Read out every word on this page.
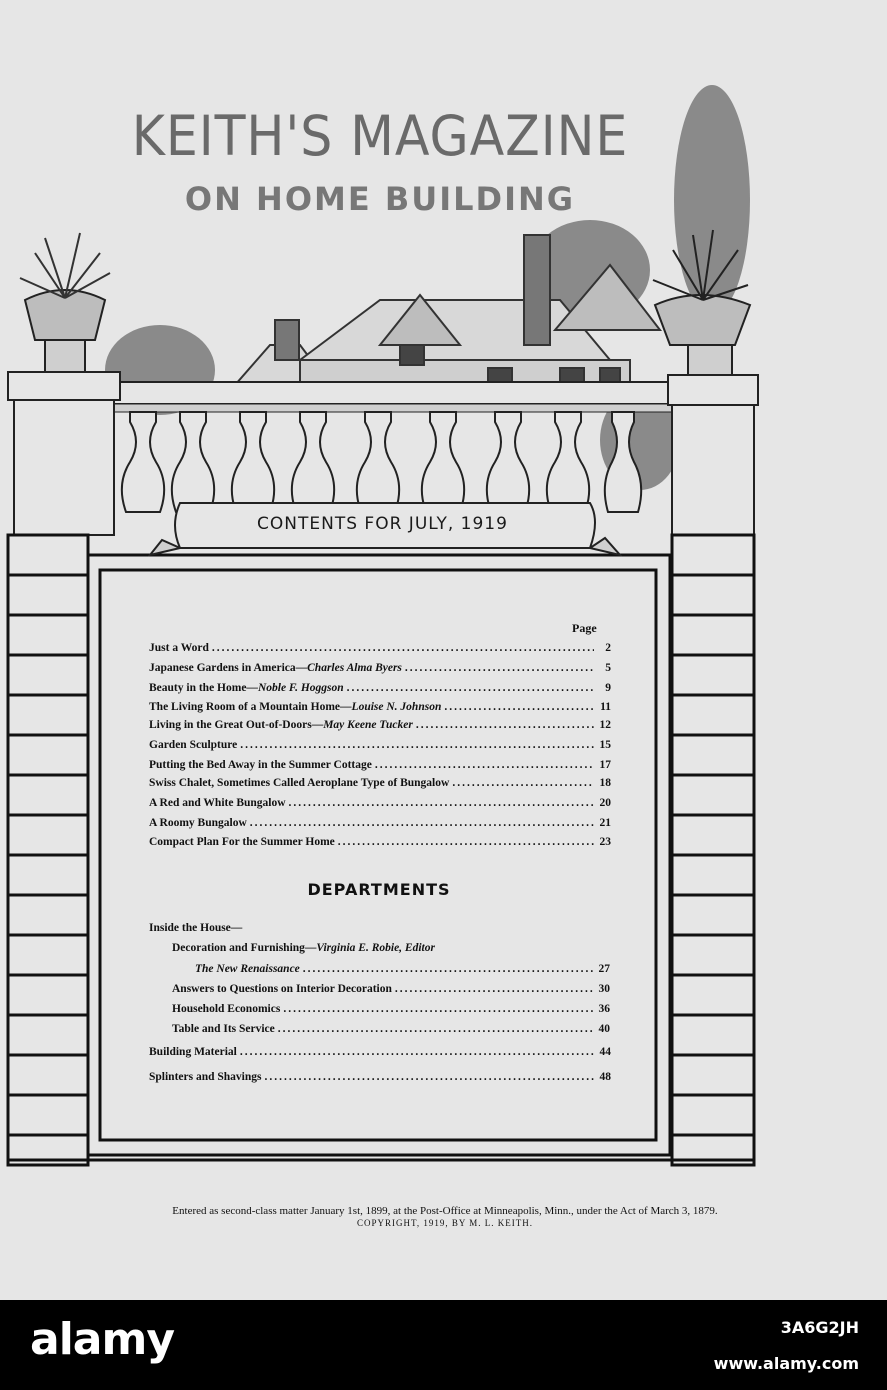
KEITH'S MAGAZINE
ON HOME BUILDING
CONTENTS FOR JULY, 1919
Page
Just a Word .....	2
Japanese Gardens in America—Charles Alma Byers .....	5
Beauty in the Home—Noble F. Hoggson .....	9
The Living Room of a Mountain Home—Louise N. Johnson .....	11
Living in the Great Out-of-Doors—May Keene Tucker .....	12
Garden Sculpture .....	15
Putting the Bed Away in the Summer Cottage .....	17
Swiss Chalet, Sometimes Called Aeroplane Type of Bungalow .....	18
A Red and White Bungalow .....	20
A Roomy Bungalow .....	21
Compact Plan For the Summer Home .....	23
DEPARTMENTS
Inside the House—
Decoration and Furnishing—Virginia E. Robie, Editor
The New Renaissance .....	27
Answers to Questions on Interior Decoration .....	30
Household Economics .....	36
Table and Its Service .....	40
Building Material .....	44
Splinters and Shavings .....	48
Entered as second-class matter January 1st, 1899, at the Post-Office at Minneapolis, Minn., under the Act of March 3, 1879.
COPYRIGHT, 1919, BY M. L. KEITH.
alamy	3A6G2JH
www.alamy.com
